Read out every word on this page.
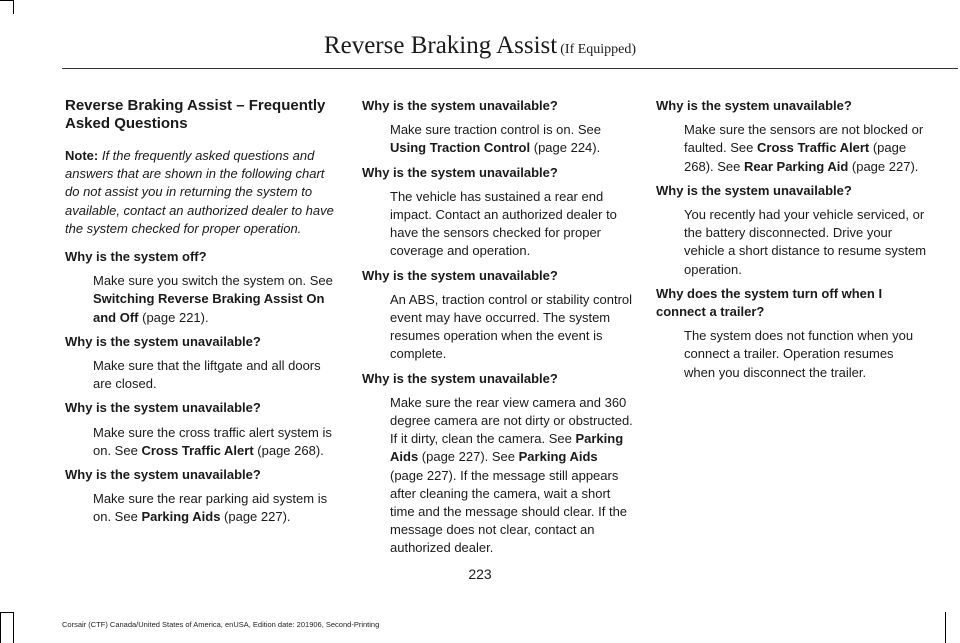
Reverse Braking Assist (If Equipped)
Reverse Braking Assist – Frequently Asked Questions
Note: If the frequently asked questions and answers that are shown in the following chart do not assist you in returning the system to available, contact an authorized dealer to have the system checked for proper operation.
Why is the system off?
Make sure you switch the system on. See Switching Reverse Braking Assist On and Off (page 221).
Why is the system unavailable?
Make sure that the liftgate and all doors are closed.
Why is the system unavailable?
Make sure the cross traffic alert system is on. See Cross Traffic Alert (page 268).
Why is the system unavailable?
Make sure the rear parking aid system is on. See Parking Aids (page 227).
Why is the system unavailable?
Make sure traction control is on. See Using Traction Control (page 224).
Why is the system unavailable?
The vehicle has sustained a rear end impact. Contact an authorized dealer to have the sensors checked for proper coverage and operation.
Why is the system unavailable?
An ABS, traction control or stability control event may have occurred. The system resumes operation when the event is complete.
Why is the system unavailable?
Make sure the rear view camera and 360 degree camera are not dirty or obstructed. If it dirty, clean the camera. See Parking Aids (page 227). See Parking Aids (page 227). If the message still appears after cleaning the camera, wait a short time and the message should clear. If the message does not clear, contact an authorized dealer.
Why is the system unavailable?
Make sure the sensors are not blocked or faulted. See Cross Traffic Alert (page 268). See Rear Parking Aid (page 227).
Why is the system unavailable?
You recently had your vehicle serviced, or the battery disconnected. Drive your vehicle a short distance to resume system operation.
Why does the system turn off when I connect a trailer?
The system does not function when you connect a trailer. Operation resumes when you disconnect the trailer.
223
Corsair (CTF) Canada/United States of America, enUSA, Edition date: 201906, Second-Printing
